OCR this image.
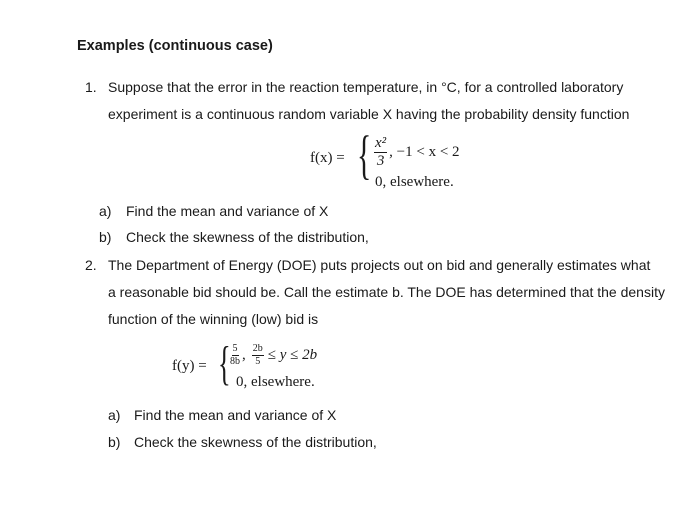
Examples (continuous case)
1. Suppose that the error in the reaction temperature, in °C, for a controlled laboratory
experiment is a continuous random variable X having the probability density function
f(x) = { $\frac{\text{x²}}{3}$ , −1 < x < 2
0, elsewhere.
a) Find the mean and variance of X
b) Check the skewness of the distribution,
2. The Department of Energy (DOE) puts projects out on bid and generally estimates what
a reasonable bid should be. Call the estimate b. The DOE has determined that the density
function of the winning (low) bid is
f(y) = { $\frac{5}{8b}$ , $\frac{2b}{5} \le y \le 2b$
0, elsewhere.
a) Find the mean and variance of X
b) Check the skewness of the distribution,
